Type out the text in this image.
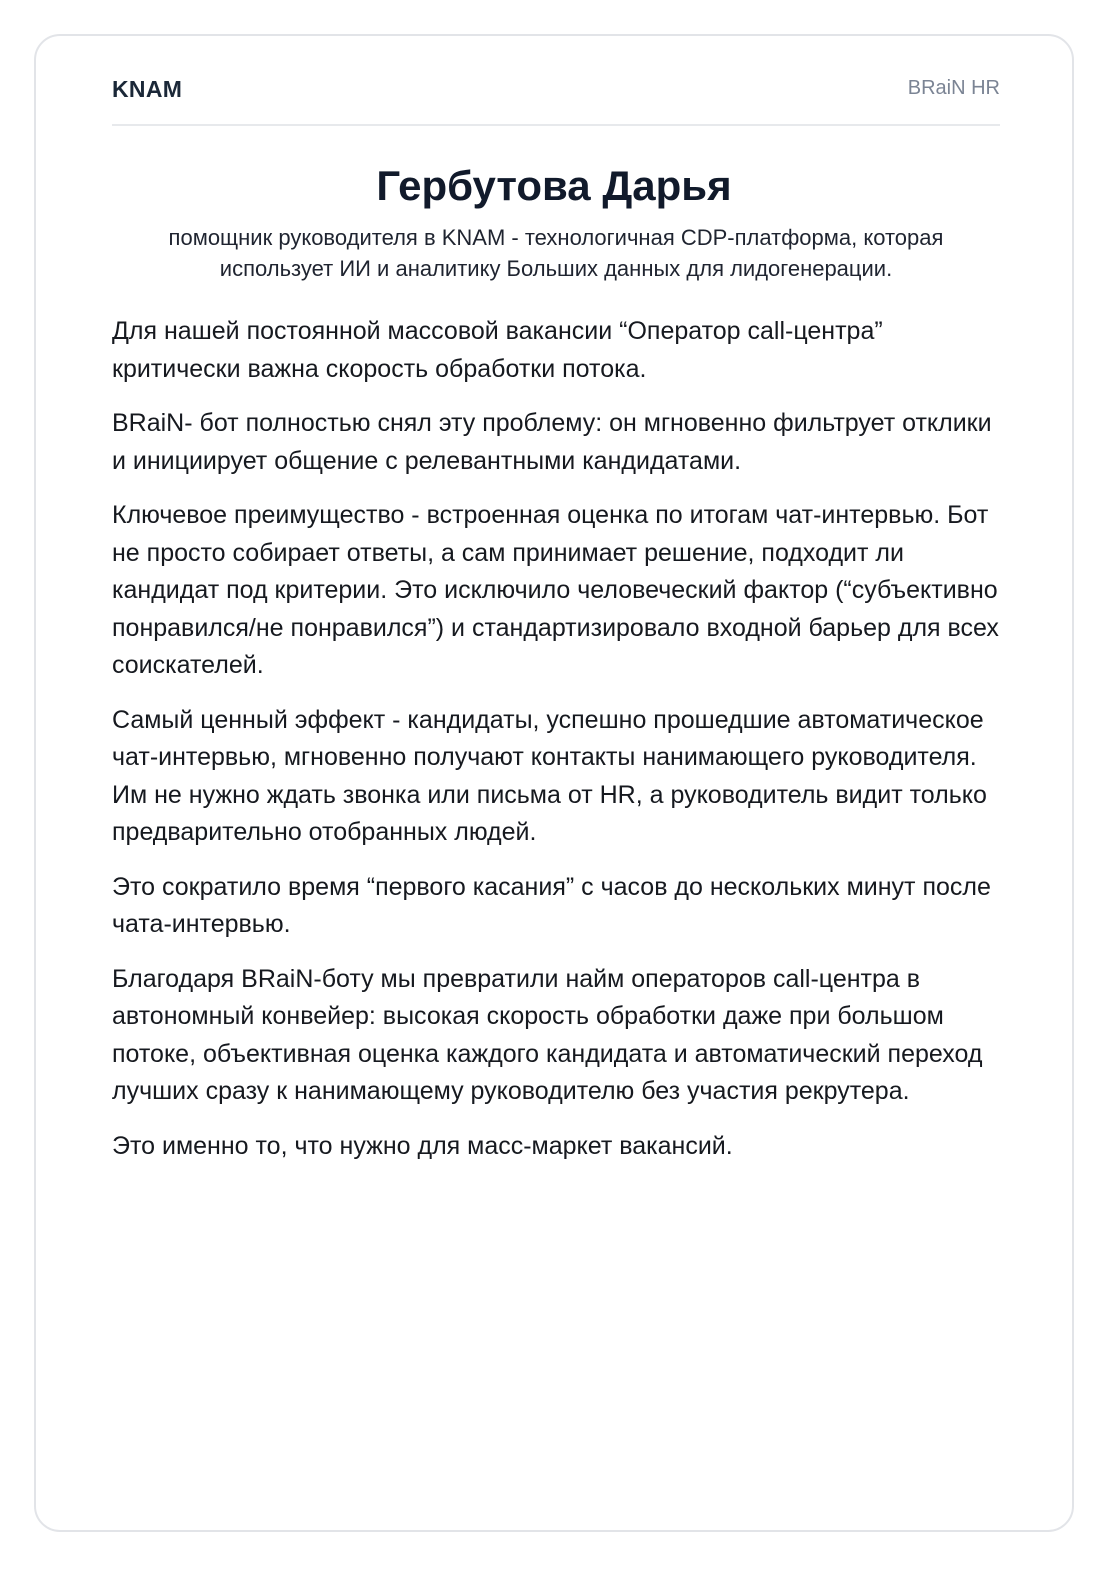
KNAM	BRaiN HR
Гербутова Дарья

помощник руководителя в KNAM - технологичная CDP-платформа, которая использует ИИ и аналитику Больших данных для лидогенерации.

Для нашей постоянной массовой вакансии “Оператор call-центра” критически важна скорость обработки потока.

BRaiN- бот полностью снял эту проблему: он мгновенно фильтрует отклики и инициирует общение с релевантными кандидатами.

Ключевое преимущество - встроенная оценка по итогам чат-интервью. Бот не просто собирает ответы, а сам принимает решение, подходит ли кандидат под критерии. Это исключило человеческий фактор (“субъективно понравился/не понравился”) и стандартизировало входной барьер для всех соискателей.

Самый ценный эффект - кандидаты, успешно прошедшие автоматическое чат-интервью, мгновенно получают контакты нанимающего руководителя. Им не нужно ждать звонка или письма от HR, а руководитель видит только предварительно отобранных людей.

Это сократило время “первого касания” с часов до нескольких минут после чата-интервью.

Благодаря BRaiN-боту мы превратили найм операторов call-центра в автономный конвейер: высокая скорость обработки даже при большом потоке, объективная оценка каждого кандидата и автоматический переход лучших сразу к нанимающему руководителю без участия рекрутера.

Это именно то, что нужно для масс-маркет вакансий.
